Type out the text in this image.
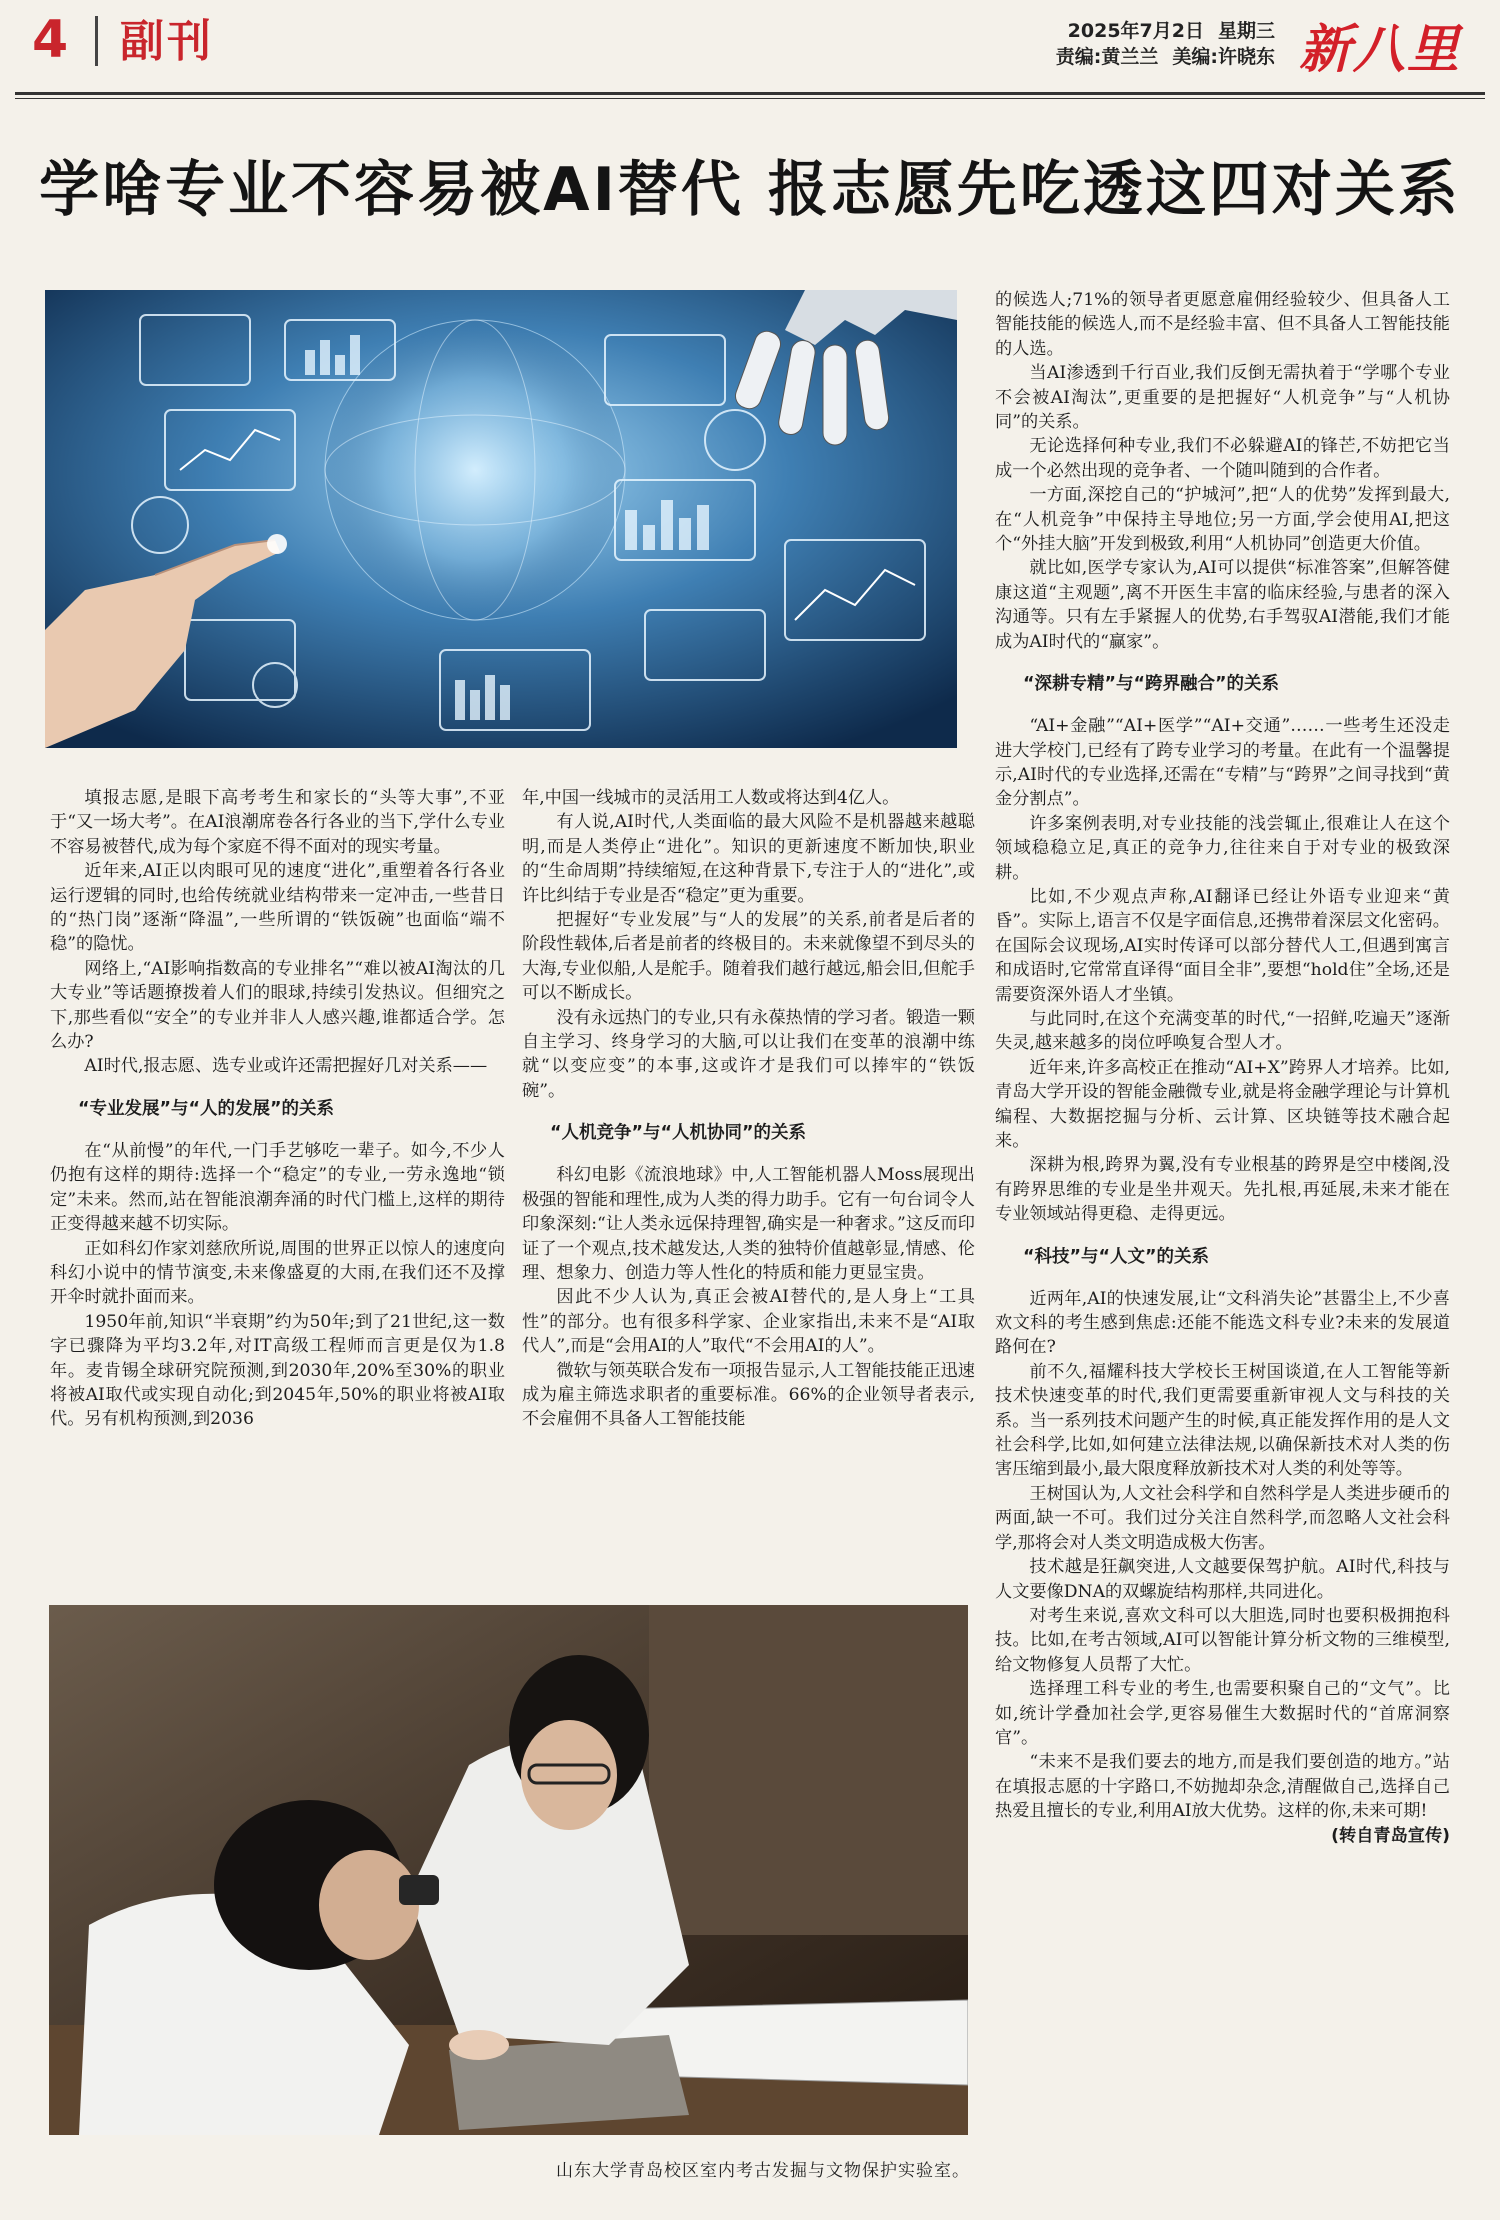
4 副刊	2025年7月2日 星期三
责编:黄兰兰 美编:许晓东 新八里
学啥专业不容易被AI替代 报志愿先吃透这四对关系
山东大学青岛校区室内考古发掘与文物保护实验室。

填报志愿,是眼下高考考生和家长的“头等大事”,不亚于“又一场大考”。在AI浪潮席卷各行各业的当下,学什么专业不容易被替代,成为每个家庭不得不面对的现实考量。

近年来,AI正以肉眼可见的速度“进化”,重塑着各行各业运行逻辑的同时,也给传统就业结构带来一定冲击,一些昔日的“热门岗”逐渐“降温”,一些所谓的“铁饭碗”也面临“端不稳”的隐忧。

网络上,“AI影响指数高的专业排名”“难以被AI淘汰的几大专业”等话题撩拨着人们的眼球,持续引发热议。但细究之下,那些看似“安全”的专业并非人人感兴趣,谁都适合学。怎么办?

AI时代,报志愿、选专业或许还需把握好几对关系——

“专业发展”与“人的发展”的关系

在“从前慢”的年代,一门手艺够吃一辈子。如今,不少人仍抱有这样的期待:选择一个“稳定”的专业,一劳永逸地“锁定”未来。然而,站在智能浪潮奔涌的时代门槛上,这样的期待正变得越来越不切实际。

正如科幻作家刘慈欣所说,周围的世界正以惊人的速度向科幻小说中的情节演变,未来像盛夏的大雨,在我们还不及撑开伞时就扑面而来。

1950年前,知识“半衰期”约为50年;到了21世纪,这一数字已骤降为平均3.2年,对IT高级工程师而言更是仅为1.8年。麦肯锡全球研究院预测,到2030年,20%至30%的职业将被AI取代或实现自动化;到2045年,50%的职业将被AI取代。另有机构预测,到2036

年,中国一线城市的灵活用工人数或将达到4亿人。

有人说,AI时代,人类面临的最大风险不是机器越来越聪明,而是人类停止“进化”。知识的更新速度不断加快,职业的“生命周期”持续缩短,在这种背景下,专注于人的“进化”,或许比纠结于专业是否“稳定”更为重要。

把握好“专业发展”与“人的发展”的关系,前者是后者的阶段性载体,后者是前者的终极目的。未来就像望不到尽头的大海,专业似船,人是舵手。随着我们越行越远,船会旧,但舵手可以不断成长。

没有永远热门的专业,只有永葆热情的学习者。锻造一颗自主学习、终身学习的大脑,可以让我们在变革的浪潮中练就“以变应变”的本事,这或许才是我们可以捧牢的“铁饭碗”。

“人机竞争”与“人机协同”的关系

科幻电影《流浪地球》中,人工智能机器人Moss展现出极强的智能和理性,成为人类的得力助手。它有一句台词令人印象深刻:“让人类永远保持理智,确实是一种奢求。”这反而印证了一个观点,技术越发达,人类的独特价值越彰显,情感、伦理、想象力、创造力等人性化的特质和能力更显宝贵。

因此不少人认为,真正会被AI替代的,是人身上“工具性”的部分。也有很多科学家、企业家指出,未来不是“AI取代人”,而是“会用AI的人”取代“不会用AI的人”。

微软与领英联合发布一项报告显示,人工智能技能正迅速成为雇主筛选求职者的重要标准。66%的企业领导者表示,不会雇佣不具备人工智能技能

的候选人;71%的领导者更愿意雇佣经验较少、但具备人工智能技能的候选人,而不是经验丰富、但不具备人工智能技能的人选。

当AI渗透到千行百业,我们反倒无需执着于“学哪个专业不会被AI淘汰”,更重要的是把握好“人机竞争”与“人机协同”的关系。

无论选择何种专业,我们不必躲避AI的锋芒,不妨把它当成一个必然出现的竞争者、一个随叫随到的合作者。

一方面,深挖自己的“护城河”,把“人的优势”发挥到最大,在“人机竞争”中保持主导地位;另一方面,学会使用AI,把这个“外挂大脑”开发到极致,利用“人机协同”创造更大价值。

就比如,医学专家认为,AI可以提供“标准答案”,但解答健康这道“主观题”,离不开医生丰富的临床经验,与患者的深入沟通等。只有左手紧握人的优势,右手驾驭AI潜能,我们才能成为AI时代的“赢家”。

“深耕专精”与“跨界融合”的关系

“AI+金融”“AI+医学”“AI+交通”……一些考生还没走进大学校门,已经有了跨专业学习的考量。在此有一个温馨提示,AI时代的专业选择,还需在“专精”与“跨界”之间寻找到“黄金分割点”。

许多案例表明,对专业技能的浅尝辄止,很难让人在这个领域稳稳立足,真正的竞争力,往往来自于对专业的极致深耕。

比如,不少观点声称,AI翻译已经让外语专业迎来“黄昏”。实际上,语言不仅是字面信息,还携带着深层文化密码。在国际会议现场,AI实时传译可以部分替代人工,但遇到寓言和成语时,它常常直译得“面目全非”,要想“hold住”全场,还是需要资深外语人才坐镇。

与此同时,在这个充满变革的时代,“一招鲜,吃遍天”逐渐失灵,越来越多的岗位呼唤复合型人才。

近年来,许多高校正在推动“AI+X”跨界人才培养。比如,青岛大学开设的智能金融微专业,就是将金融学理论与计算机编程、大数据挖掘与分析、云计算、区块链等技术融合起来。

深耕为根,跨界为翼,没有专业根基的跨界是空中楼阁,没有跨界思维的专业是坐井观天。先扎根,再延展,未来才能在专业领域站得更稳、走得更远。

“科技”与“人文”的关系

近两年,AI的快速发展,让“文科消失论”甚嚣尘上,不少喜欢文科的考生感到焦虑:还能不能选文科专业?未来的发展道路何在?

前不久,福耀科技大学校长王树国谈道,在人工智能等新技术快速变革的时代,我们更需要重新审视人文与科技的关系。当一系列技术问题产生的时候,真正能发挥作用的是人文社会科学,比如,如何建立法律法规,以确保新技术对人类的伤害压缩到最小,最大限度释放新技术对人类的利处等等。

王树国认为,人文社会科学和自然科学是人类进步硬币的两面,缺一不可。我们过分关注自然科学,而忽略人文社会科学,那将会对人类文明造成极大伤害。

技术越是狂飙突进,人文越要保驾护航。AI时代,科技与人文要像DNA的双螺旋结构那样,共同进化。

对考生来说,喜欢文科可以大胆选,同时也要积极拥抱科技。比如,在考古领域,AI可以智能计算分析文物的三维模型,给文物修复人员帮了大忙。

选择理工科专业的考生,也需要积聚自己的“文气”。比如,统计学叠加社会学,更容易催生大数据时代的“首席洞察官”。

“未来不是我们要去的地方,而是我们要创造的地方。”站在填报志愿的十字路口,不妨抛却杂念,清醒做自己,选择自己热爱且擅长的专业,利用AI放大优势。这样的你,未来可期!
(转自青岛宣传)
